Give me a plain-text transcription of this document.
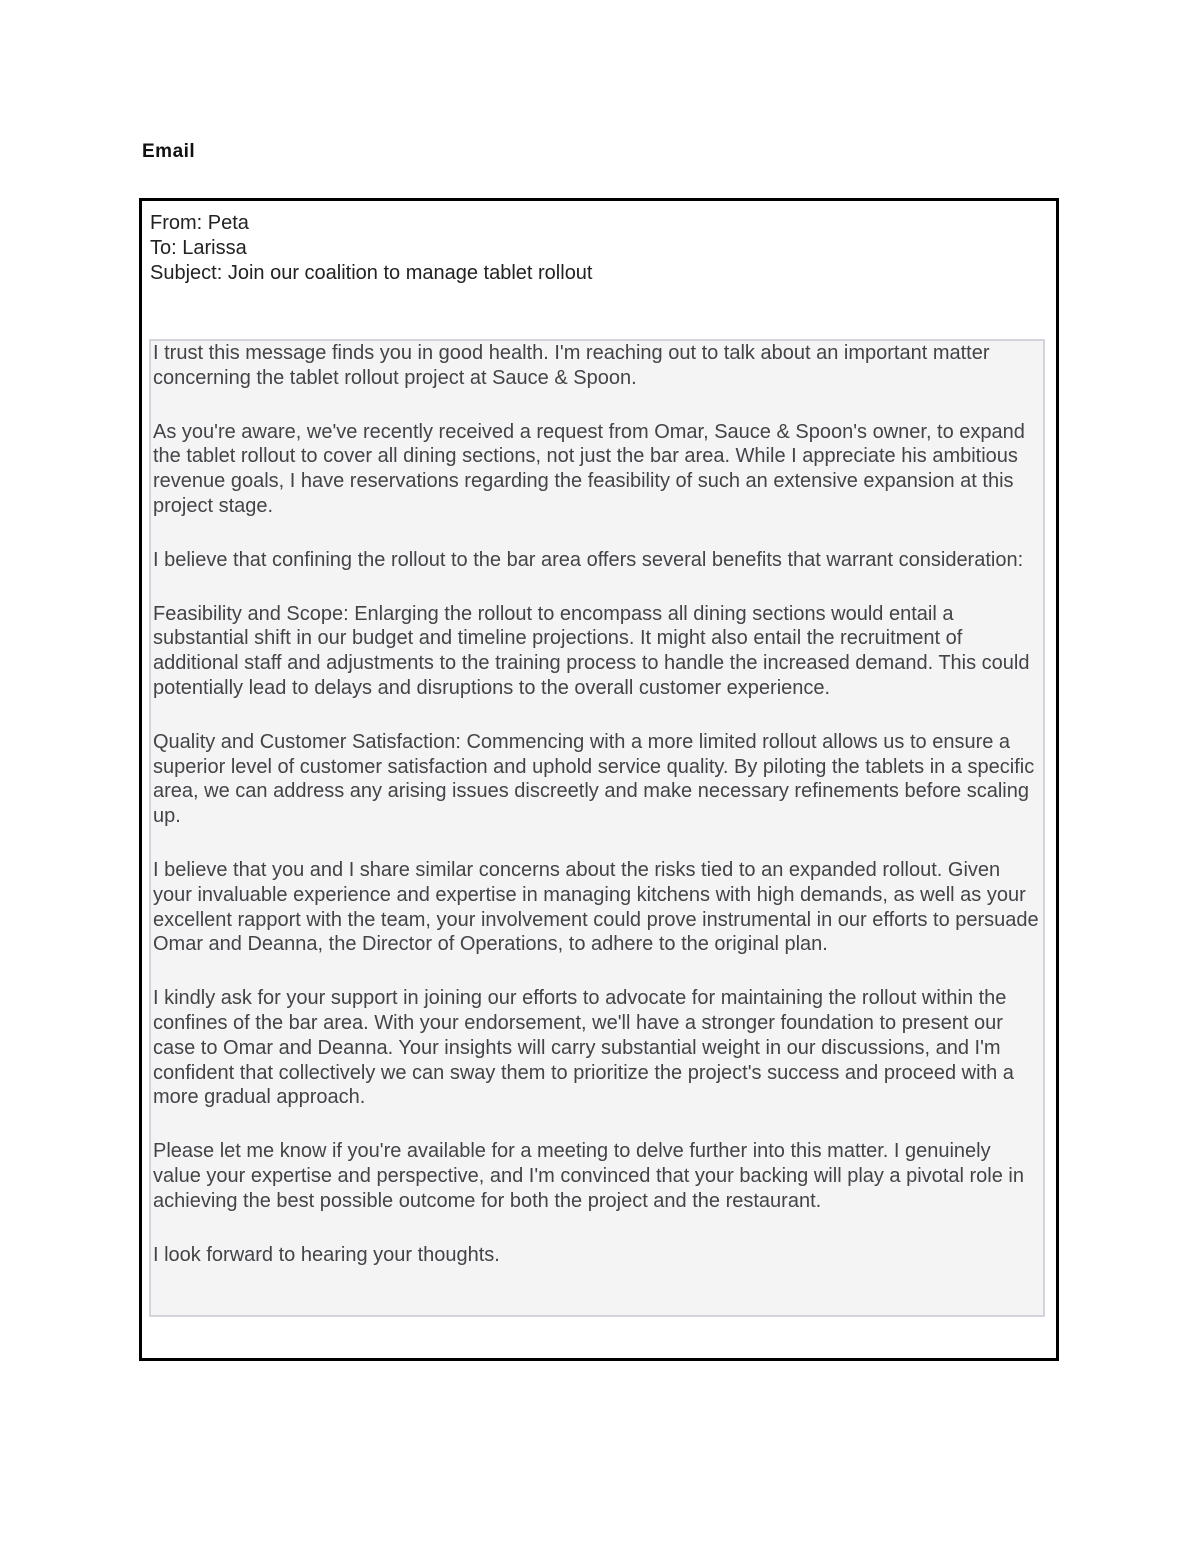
Email
From: Peta
To: Larissa
Subject: Join our coalition to manage tablet rollout

I trust this message finds you in good health. I'm reaching out to talk about an important matter concerning the tablet rollout project at Sauce & Spoon.

As you're aware, we've recently received a request from Omar, Sauce & Spoon's owner, to expand the tablet rollout to cover all dining sections, not just the bar area. While I appreciate his ambitious revenue goals, I have reservations regarding the feasibility of such an extensive expansion at this project stage.

I believe that confining the rollout to the bar area offers several benefits that warrant consideration:

Feasibility and Scope: Enlarging the rollout to encompass all dining sections would entail a substantial shift in our budget and timeline projections. It might also entail the recruitment of additional staff and adjustments to the training process to handle the increased demand. This could potentially lead to delays and disruptions to the overall customer experience.

Quality and Customer Satisfaction: Commencing with a more limited rollout allows us to ensure a superior level of customer satisfaction and uphold service quality. By piloting the tablets in a specific area, we can address any arising issues discreetly and make necessary refinements before scaling up.

I believe that you and I share similar concerns about the risks tied to an expanded rollout. Given your invaluable experience and expertise in managing kitchens with high demands, as well as your excellent rapport with the team, your involvement could prove instrumental in our efforts to persuade Omar and Deanna, the Director of Operations, to adhere to the original plan.

I kindly ask for your support in joining our efforts to advocate for maintaining the rollout within the confines of the bar area. With your endorsement, we'll have a stronger foundation to present our case to Omar and Deanna. Your insights will carry substantial weight in our discussions, and I'm confident that collectively we can sway them to prioritize the project's success and proceed with a more gradual approach.

Please let me know if you're available for a meeting to delve further into this matter. I genuinely value your expertise and perspective, and I'm convinced that your backing will play a pivotal role in achieving the best possible outcome for both the project and the restaurant.

I look forward to hearing your thoughts.
